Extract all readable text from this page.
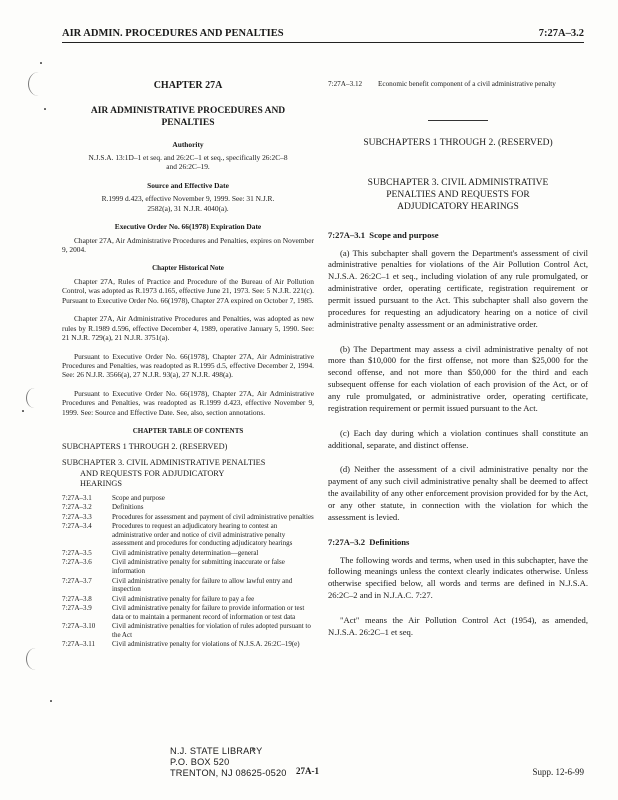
AIR ADMIN. PROCEDURES AND PENALTIES	7:27A–3.2
CHAPTER 27A
AIR ADMINISTRATIVE PROCEDURES AND PENALTIES
Authority
N.J.S.A. 13:1D–1 et seq. and 26:2C–1 et seq., specifically 26:2C–8 and 26:2C–19.
Source and Effective Date
R.1999 d.423, effective November 9, 1999. See: 31 N.J.R. 2582(a), 31 N.J.R. 4040(a).
Executive Order No. 66(1978) Expiration Date
Chapter 27A, Air Administrative Procedures and Penalties, expires on November 9, 2004.
Chapter Historical Note
Chapter 27A, Rules of Practice and Procedure of the Bureau of Air Pollution Control, was adopted as R.1973 d.165, effective June 21, 1973. See: 5 N.J.R. 221(c). Pursuant to Executive Order No. 66(1978), Chapter 27A expired on October 7, 1985.
Chapter 27A, Air Administrative Procedures and Penalties, was adopted as new rules by R.1989 d.596, effective December 4, 1989, operative January 5, 1990. See: 21 N.J.R. 729(a), 21 N.J.R. 3751(a).
Pursuant to Executive Order No. 66(1978), Chapter 27A, Air Administrative Procedures and Penalties, was readopted as R.1995 d.5, effective December 2, 1994. See: 26 N.J.R. 3566(a), 27 N.J.R. 93(a), 27 N.J.R. 498(a).
Pursuant to Executive Order No. 66(1978), Chapter 27A, Air Administrative Procedures and Penalties, was readopted as R.1999 d.423, effective November 9, 1999. See: Source and Effective Date. See, also, section annotations.
CHAPTER TABLE OF CONTENTS
SUBCHAPTERS 1 THROUGH 2. (RESERVED)
SUBCHAPTER 3. CIVIL ADMINISTRATIVE PENALTIES
AND REQUESTS FOR ADJUDICATORY
HEARINGS
7:27A–3.1	Scope and purpose
7:27A–3.2	Definitions
7:27A–3.3	Procedures for assessment and payment of civil administrative penalties
7:27A–3.4	Procedures to request an adjudicatory hearing to contest an administrative order and notice of civil administrative penalty assessment and procedures for conducting adjudicatory hearings
7:27A–3.5	Civil administrative penalty determination—general
7:27A–3.6	Civil administrative penalty for submitting inaccurate or false information
7:27A–3.7	Civil administrative penalty for failure to allow lawful entry and inspection
7:27A–3.8	Civil administrative penalty for failure to pay a fee
7:27A–3.9	Civil administrative penalty for failure to provide information or test data or to maintain a permanent record of information or test data
7:27A–3.10	Civil administrative penalties for violation of rules adopted pursuant to the Act
7:27A–3.11	Civil administrative penalty for violations of N.J.S.A. 26:2C–19(e)
7:27A–3.12	Economic benefit component of a civil administrative penalty
SUBCHAPTERS 1 THROUGH 2. (RESERVED)
SUBCHAPTER 3. CIVIL ADMINISTRATIVE
PENALTIES AND REQUESTS FOR
ADJUDICATORY HEARINGS
7:27A–3.1 Scope and purpose
(a) This subchapter shall govern the Department's assessment of civil administrative penalties for violations of the Air Pollution Control Act, N.J.S.A. 26:2C–1 et seq., including violation of any rule promulgated, or administrative order, operating certificate, registration requirement or permit issued pursuant to the Act. This subchapter shall also govern the procedures for requesting an adjudicatory hearing on a notice of civil administrative penalty assessment or an administrative order.
(b) The Department may assess a civil administrative penalty of not more than $10,000 for the first offense, not more than $25,000 for the second offense, and not more than $50,000 for the third and each subsequent offense for each violation of each provision of the Act, or of any rule promulgated, or administrative order, operating certificate, registration requirement or permit issued pursuant to the Act.
(c) Each day during which a violation continues shall constitute an additional, separate, and distinct offense.
(d) Neither the assessment of a civil administrative penalty nor the payment of any such civil administrative penalty shall be deemed to affect the availability of any other enforcement provision provided for by the Act, or any other statute, in connection with the violation for which the assessment is levied.
7:27A–3.2 Definitions
The following words and terms, when used in this subchapter, have the following meanings unless the context clearly indicates otherwise. Unless otherwise specified below, all words and terms are defined in N.J.S.A. 26:2C–2 and in N.J.A.C. 7:27.
"Act" means the Air Pollution Control Act (1954), as amended, N.J.S.A. 26:2C–1 et seq.
N.J. STATE LIBRARY
P.O. BOX 520
TRENTON, NJ 08625-0520 27A-1	Supp. 12-6-99
